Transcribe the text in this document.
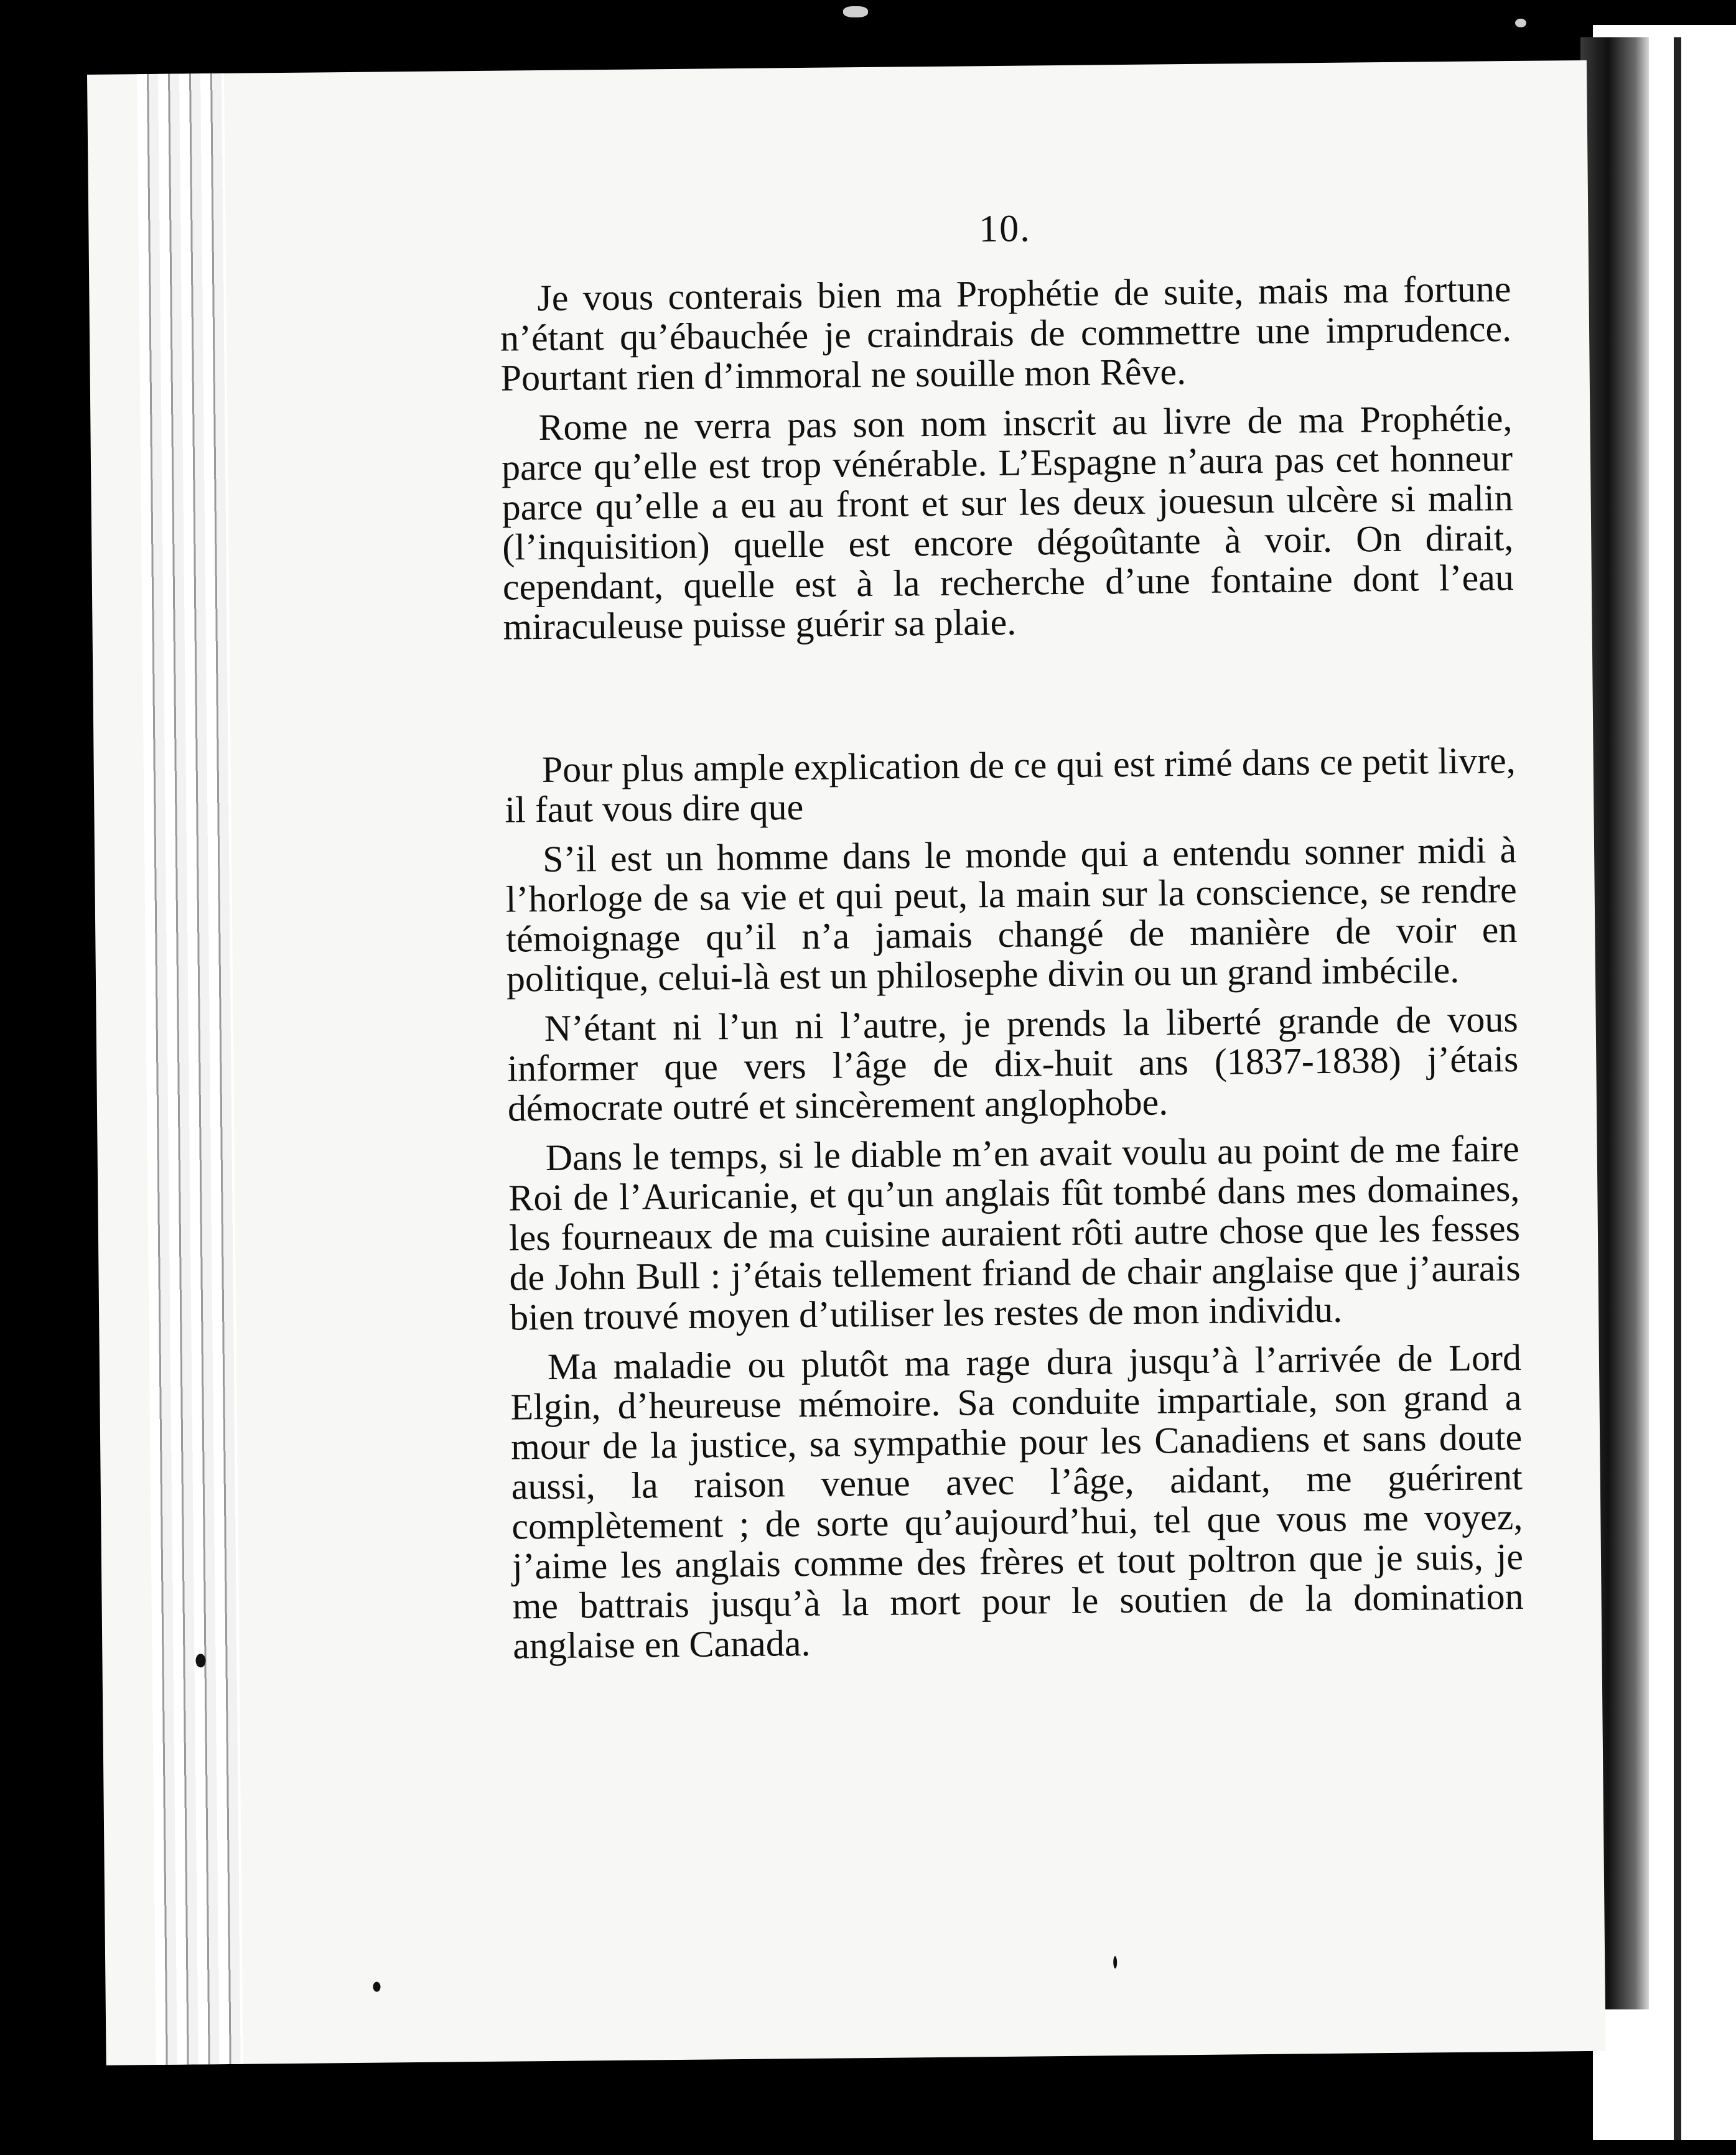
10.

Je vous conterais bien ma Prophétie de suite, mais ma fortune n’étant qu’ébauchée je craindrais de commettre une imprudence. Pourtant rien d’immoral ne souille mon Rêve.

Rome ne verra pas son nom inscrit au livre de ma Prophétie, parce qu’elle est trop vénérable. L’Espagne n’aura pas cet honneur parce qu’elle a eu au front et sur les deux jouesun ulcère si malin (l’inquisition) quelle est encore dégoûtante à voir. On dirait, cependant, quelle est à la recherche d’une fontaine dont l’eau miraculeuse puisse guérir sa plaie.

Pour plus ample explication de ce qui est rimé dans ce petit livre, il faut vous dire que

S’il est un homme dans le monde qui a entendu sonner midi à l’horloge de sa vie et qui peut, la main sur la conscience, se rendre témoignage qu’il n’a jamais changé de manière de voir en politique, celui-là est un philosephe divin ou un grand imbécile.

N’étant ni l’un ni l’autre, je prends la liberté grande de vous informer que vers l’âge de dix-huit ans (1837-1838) j’étais démocrate outré et sincèrement anglophobe.

Dans le temps, si le diable m’en avait voulu au point de me faire Roi de l’Auricanie, et qu’un anglais fût tombé dans mes domaines, les fourneaux de ma cuisine auraient rôti autre chose que les fesses de John Bull : j’étais tellement friand de chair anglaise que j’aurais bien trouvé moyen d’utiliser les restes de mon individu.

Ma maladie ou plutôt ma rage dura jusqu’à l’arrivée de Lord Elgin, d’heureuse mémoire. Sa conduite impartiale, son grand a mour de la justice, sa sympathie pour les Canadiens et sans doute aussi, la raison venue avec l’âge, aidant, me guérirent complètement ; de sorte qu’aujourd’hui, tel que vous me voyez, j’aime les anglais comme des frères et tout poltron que je suis, je me battrais jusqu’à la mort pour le soutien de la domination anglaise en Canada.
